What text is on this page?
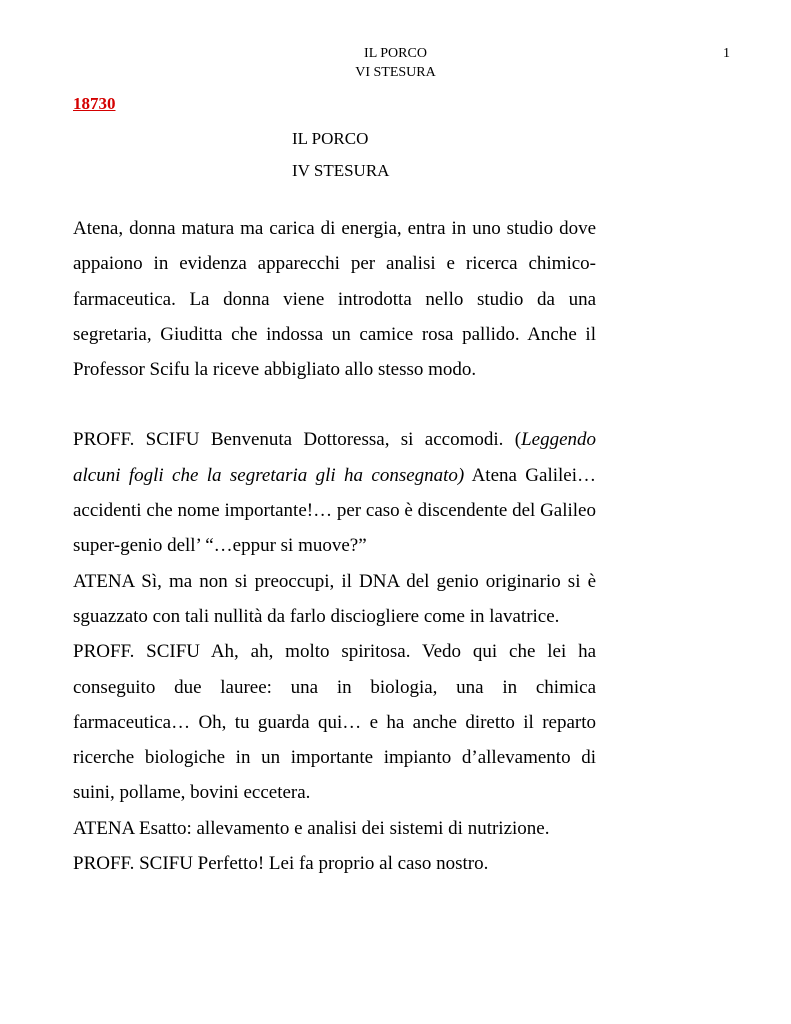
IL PORCO
VI STESURA
1
18730
IL PORCO
IV STESURA

Atena, donna matura ma carica di energia, entra in uno studio dove appaiono in evidenza apparecchi per analisi e ricerca chimico-farmaceutica. La donna viene introdotta nello studio da una segretaria, Giuditta che indossa un camice rosa pallido. Anche il Professor Scifu la riceve abbigliato allo stesso modo.

PROFF. SCIFU Benvenuta Dottoressa, si accomodi. (Leggendo alcuni fogli che la segretaria gli ha consegnato) Atena Galilei… accidenti che nome importante!… per caso è discendente del Galileo super-genio dell’ “…eppur si muove?”

ATENA Sì, ma non si preoccupi, il DNA del genio originario si è sguazzato con tali nullità da farlo disciogliere come in lavatrice.

PROFF. SCIFU Ah, ah, molto spiritosa. Vedo qui che lei ha conseguito due lauree: una in biologia, una in chimica farmaceutica… Oh, tu guarda qui… e ha anche diretto il reparto ricerche biologiche in un importante impianto d’allevamento di suini, pollame, bovini eccetera.

ATENA Esatto: allevamento e analisi dei sistemi di nutrizione.

PROFF. SCIFU Perfetto! Lei fa proprio al caso nostro.
